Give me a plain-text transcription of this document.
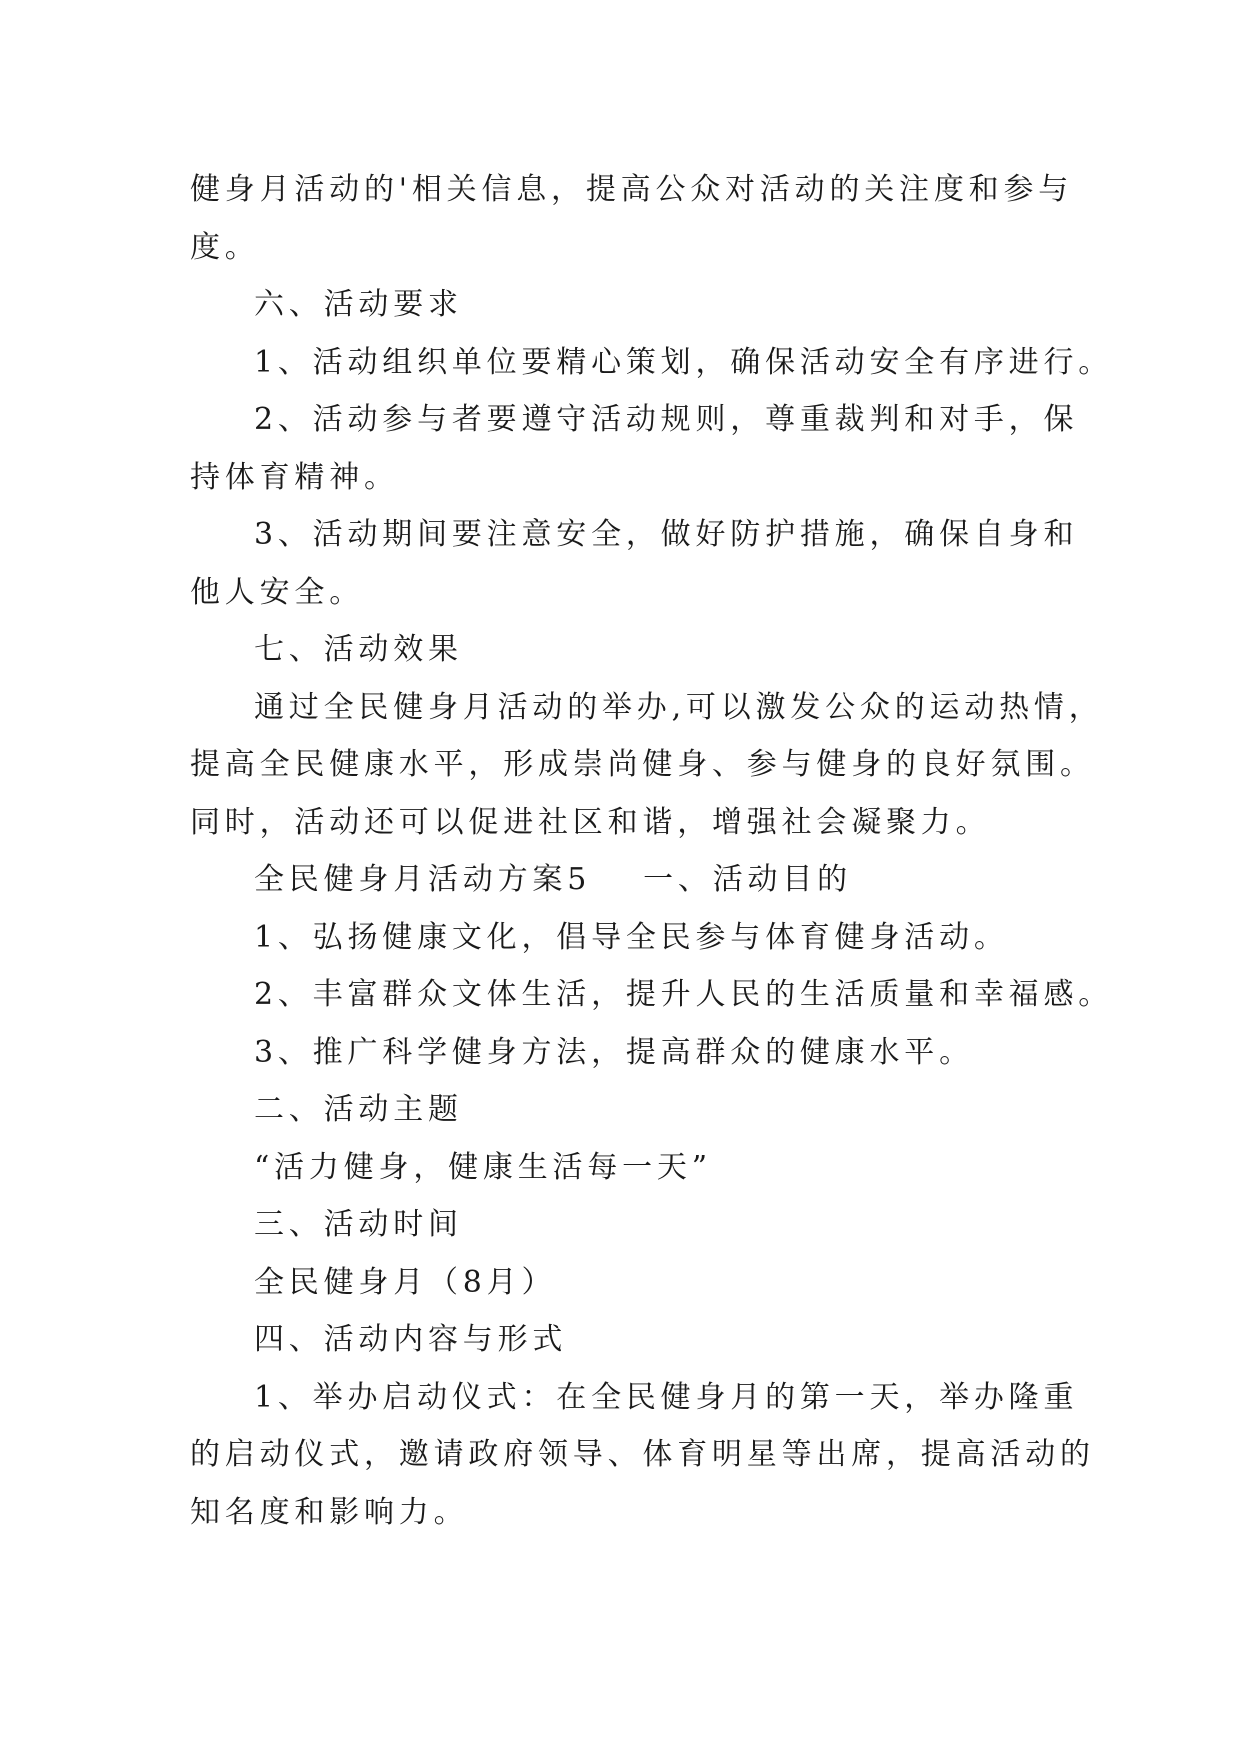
健身月活动的'相关信息，提高公众对活动的关注度和参与

度。

六、活动要求

1、活动组织单位要精心策划，确保活动安全有序进行。

2、活动参与者要遵守活动规则，尊重裁判和对手，保

持体育精神。

3、活动期间要注意安全，做好防护措施，确保自身和

他人安全。

七、活动效果

通过全民健身月活动的举办,可以激发公众的运动热情，

提高全民健康水平，形成崇尚健身、参与健身的良好氛围。

同时，活动还可以促进社区和谐，增强社会凝聚力。

全民健身月活动方案5 一、活动目的

1、弘扬健康文化，倡导全民参与体育健身活动。

2、丰富群众文体生活，提升人民的生活质量和幸福感。

3、推广科学健身方法，提高群众的健康水平。

二、活动主题

“活力健身，健康生活每一天”

三、活动时间

全民健身月（8月）

四、活动内容与形式

1、举办启动仪式：在全民健身月的第一天，举办隆重

的启动仪式，邀请政府领导、体育明星等出席，提高活动的

知名度和影响力。
